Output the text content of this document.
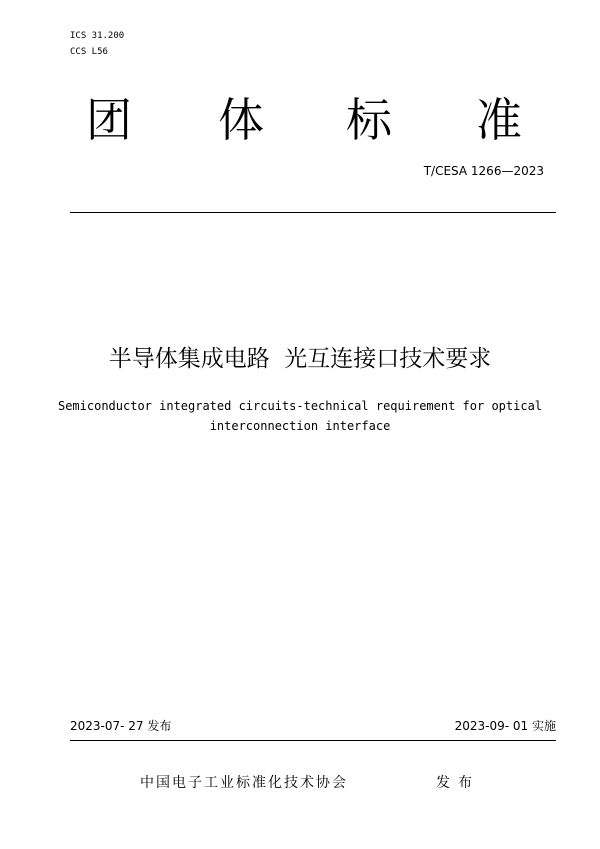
ICS 31.200
CCS L56
团 体 标 准
T/CESA 1266—2023
半导体集成电路  光互连接口技术要求
Semiconductor integrated circuits-technical requirement for optical
interconnection interface
2023-07- 27 发布	2023-09- 01 实施
中国电子工业标准化技术协会	发布
